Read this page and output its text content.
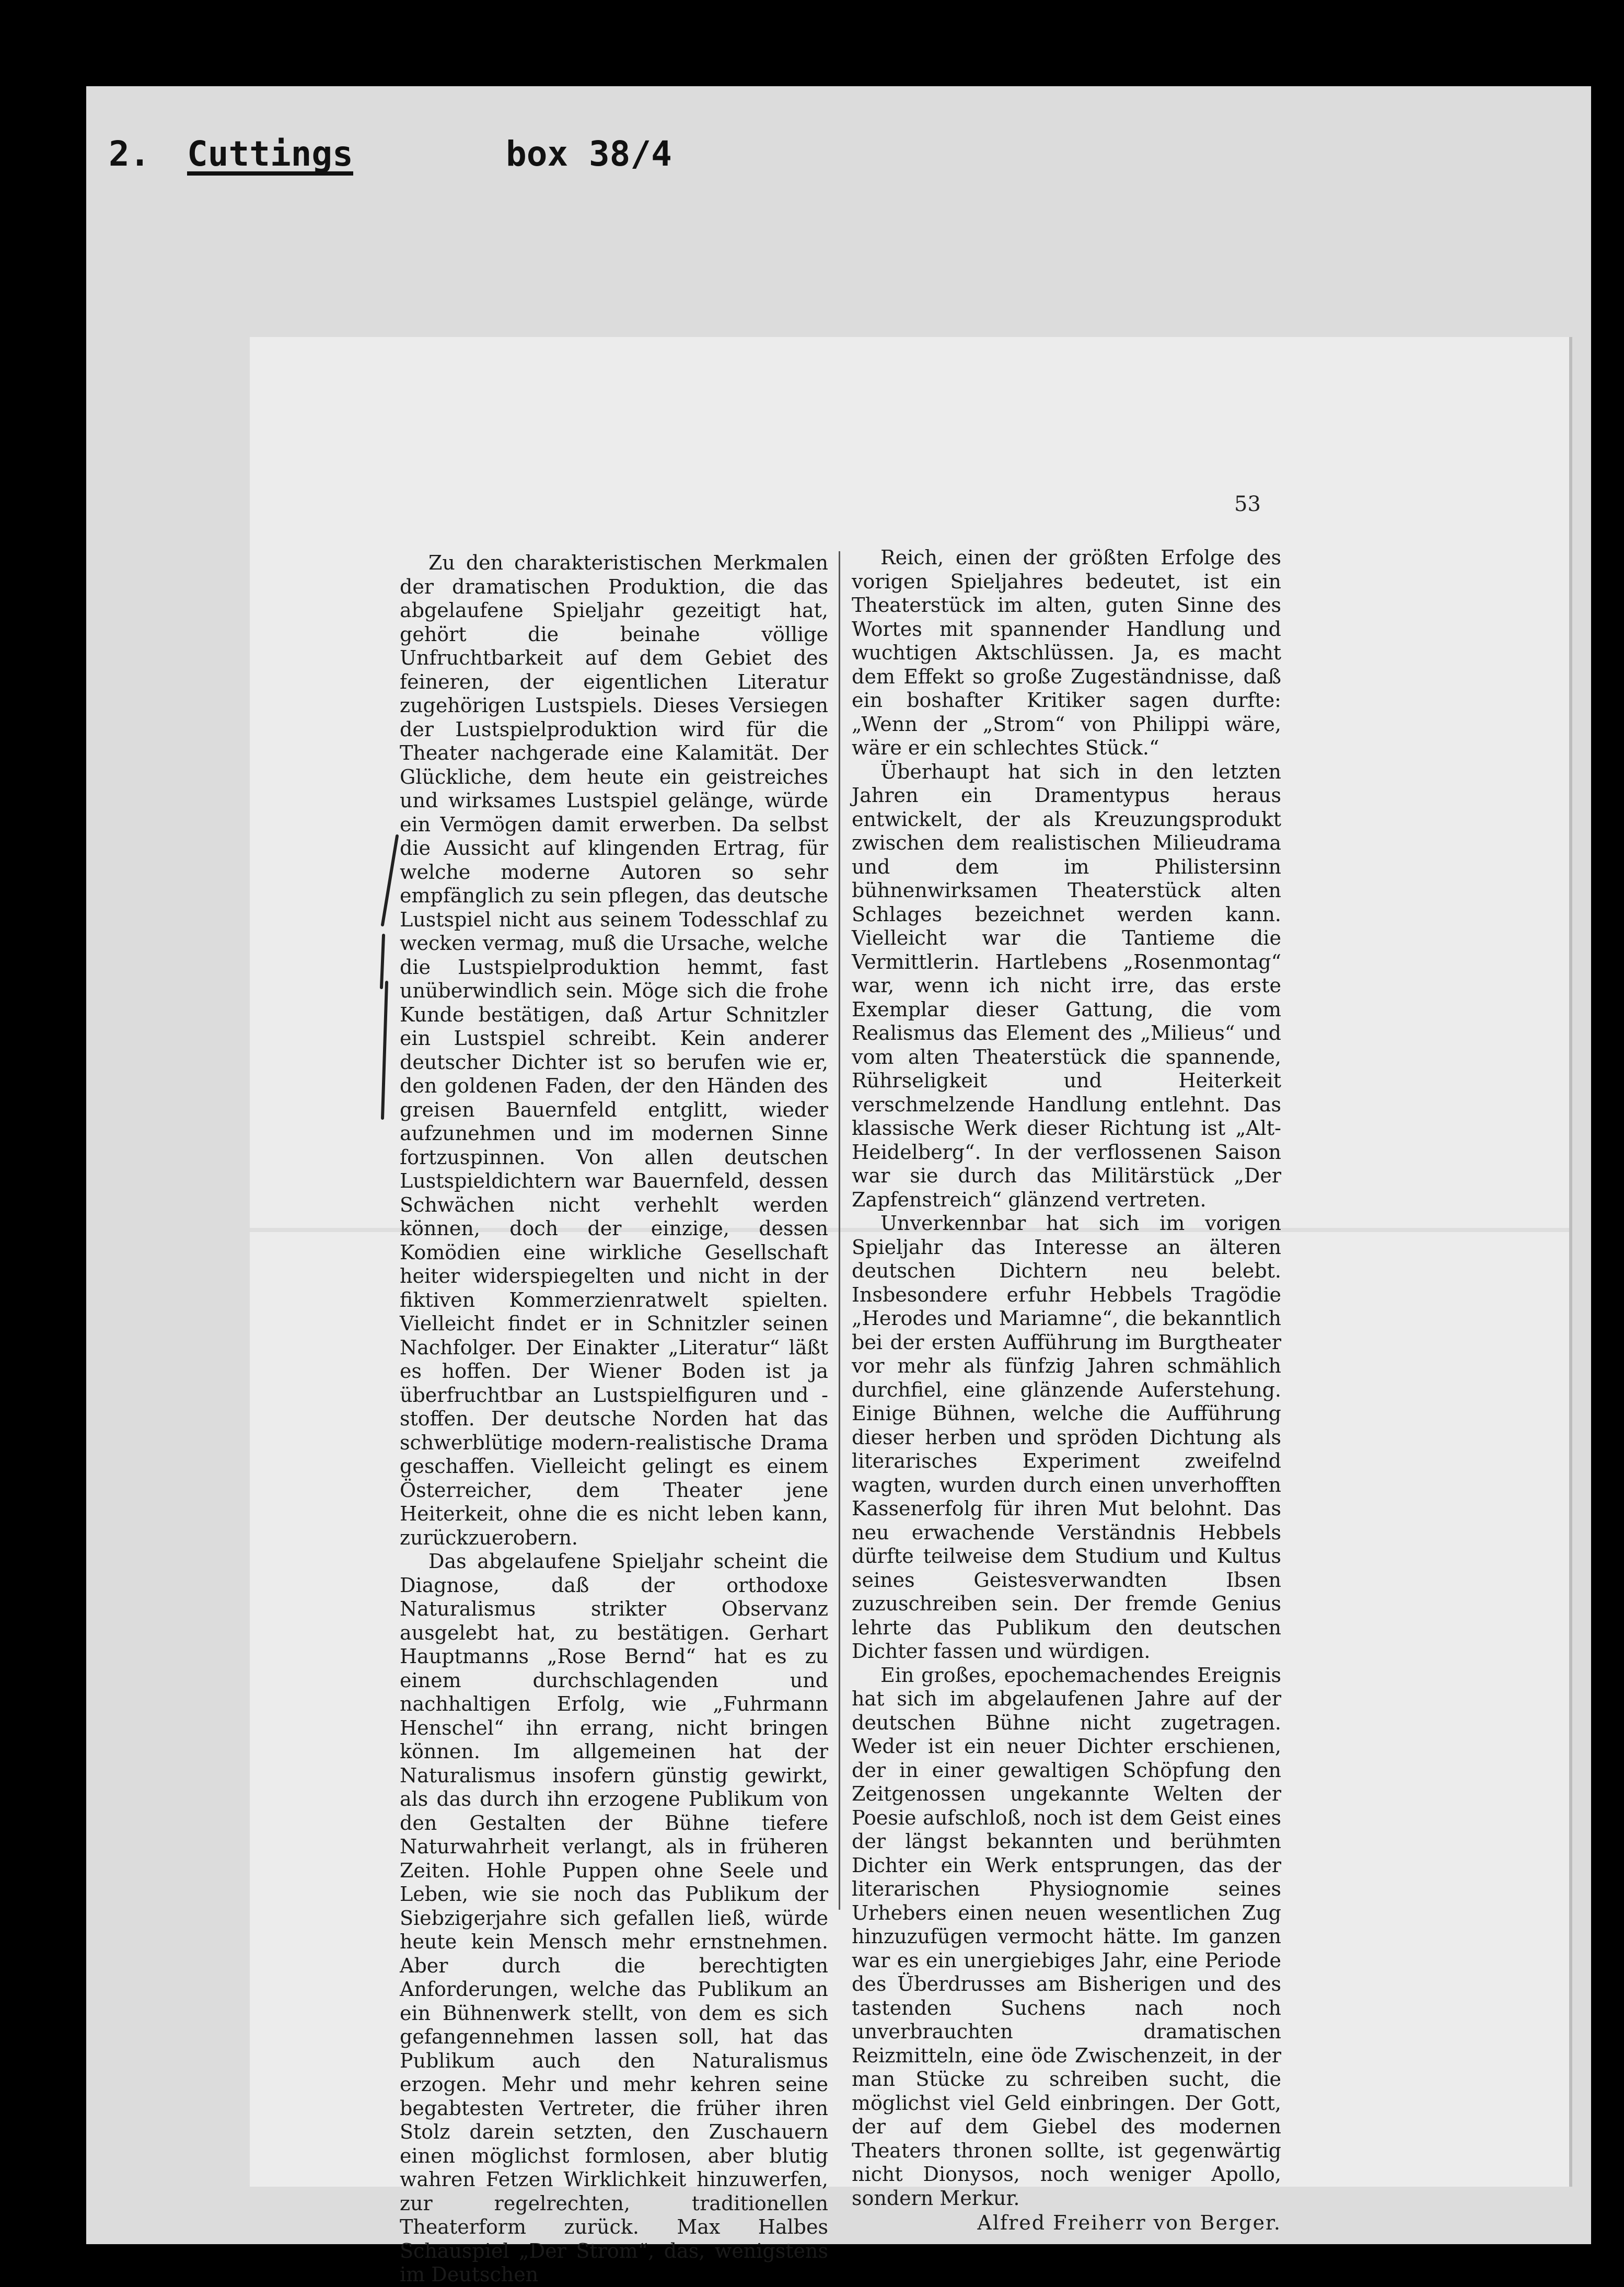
2.

Cuttings

	box 38/4

53

Zu den charakteristischen Merkmalen der dramatischen Produktion, die das abgelaufene Spieljahr gezeitigt hat, gehört die beinahe völlige Unfruchtbarkeit auf dem Gebiet des feineren, der eigentlichen Literatur zugehörigen Lustspiels. Dieses Versiegen der Lustspielproduktion wird für die Theater nachgerade eine Kalamität. Der Glückliche, dem heute ein geistreiches und wirksames Lustspiel gelänge, würde ein Vermögen damit erwerben. Da selbst die Aussicht auf klingenden Ertrag, für welche moderne Autoren so sehr empfänglich zu sein pflegen, das deutsche Lustspiel nicht aus seinem Todesschlaf zu wecken vermag, muß die Ursache, welche die Lustspielproduktion hemmt, fast unüberwindlich sein. Möge sich die frohe Kunde bestätigen, daß Artur Schnitzler ein Lustspiel schreibt. Kein anderer deutscher Dichter ist so berufen wie er, den goldenen Faden, der den Händen des greisen Bauernfeld entglitt, wieder aufzunehmen und im modernen Sinne fortzuspinnen. Von allen deutschen Lustspieldichtern war Bauernfeld, dessen Schwächen nicht verhehlt werden können, doch der einzige, dessen Komödien eine wirkliche Gesellschaft heiter widerspiegelten und nicht in der fiktiven Kommerzienratwelt spielten. Vielleicht findet er in Schnitzler seinen Nachfolger. Der Einakter „Literatur“ läßt es hoffen. Der Wiener Boden ist ja überfruchtbar an Lustspielfiguren und -stoffen. Der deutsche Norden hat das schwerblütige modern-realistische Drama geschaffen. Vielleicht gelingt es einem Österreicher, dem Theater jene Heiterkeit, ohne die es nicht leben kann, zurückzuerobern.

Das abgelaufene Spieljahr scheint die Diagnose, daß der orthodoxe Naturalismus strikter Observanz ausgelebt hat, zu bestätigen. Gerhart Hauptmanns „Rose Bernd“ hat es zu einem durchschlagenden und nachhaltigen Erfolg, wie „Fuhrmann Henschel“ ihn errang, nicht bringen können. Im allgemeinen hat der Naturalismus insofern günstig gewirkt, als das durch ihn erzogene Publikum von den Gestalten der Bühne tiefere Naturwahrheit verlangt, als in früheren Zeiten. Hohle Puppen ohne Seele und Leben, wie sie noch das Publikum der Siebzigerjahre sich gefallen ließ, würde heute kein Mensch mehr ernstnehmen. Aber durch die berechtigten Anforderungen, welche das Publikum an ein Bühnenwerk stellt, von dem es sich gefangennehmen lassen soll, hat das Publikum auch den Naturalismus erzogen. Mehr und mehr kehren seine begabtesten Vertreter, die früher ihren Stolz darein setzten, den Zuschauern einen möglichst formlosen, aber blutig wahren Fetzen Wirklichkeit hinzuwerfen, zur regelrechten, traditionellen Theaterform zurück. Max Halbes Schauspiel „Der Strom“, das, wenigstens im Deutschen

Reich, einen der größten Erfolge des vorigen Spieljahres bedeutet, ist ein Theaterstück im alten, guten Sinne des Wortes mit spannender Handlung und wuchtigen Aktschlüssen. Ja, es macht dem Effekt so große Zugeständnisse, daß ein boshafter Kritiker sagen durfte: „Wenn der „Strom“ von Philippi wäre, wäre er ein schlechtes Stück.“

Überhaupt hat sich in den letzten Jahren ein Dramentypus heraus entwickelt, der als Kreuzungsprodukt zwischen dem realistischen Milieudrama und dem im Philistersinn bühnenwirksamen Theaterstück alten Schlages bezeichnet werden kann. Vielleicht war die Tantieme die Vermittlerin. Hartlebens „Rosenmontag“ war, wenn ich nicht irre, das erste Exemplar dieser Gattung, die vom Realismus das Element des „Milieus“ und vom alten Theaterstück die spannende, Rührseligkeit und Heiterkeit verschmelzende Handlung entlehnt. Das klassische Werk dieser Richtung ist „Alt-Heidelberg“. In der verflossenen Saison war sie durch das Militärstück „Der Zapfenstreich“ glänzend vertreten.

Unverkennbar hat sich im vorigen Spieljahr das Interesse an älteren deutschen Dichtern neu belebt. Insbesondere erfuhr Hebbels Tragödie „Herodes und Mariamne“, die bekanntlich bei der ersten Aufführung im Burgtheater vor mehr als fünfzig Jahren schmählich durchfiel, eine glänzende Auferstehung. Einige Bühnen, welche die Aufführung dieser herben und spröden Dichtung als literarisches Experiment zweifelnd wagten, wurden durch einen unverhofften Kassenerfolg für ihren Mut belohnt. Das neu erwachende Verständnis Hebbels dürfte teilweise dem Studium und Kultus seines Geistesverwandten Ibsen zuzuschreiben sein. Der fremde Genius lehrte das Publikum den deutschen Dichter fassen und würdigen.

Ein großes, epochemachendes Ereignis hat sich im abgelaufenen Jahre auf der deutschen Bühne nicht zugetragen. Weder ist ein neuer Dichter erschienen, der in einer gewaltigen Schöpfung den Zeitgenossen ungekannte Welten der Poesie aufschloß, noch ist dem Geist eines der längst bekannten und berühmten Dichter ein Werk entsprungen, das der literarischen Physiognomie seines Urhebers einen neuen wesentlichen Zug hinzuzufügen vermocht hätte. Im ganzen war es ein unergiebiges Jahr, eine Periode des Überdrusses am Bisherigen und des tastenden Suchens nach noch unverbrauchten dramatischen Reizmitteln, eine öde Zwischenzeit, in der man Stücke zu schreiben sucht, die möglichst viel Geld einbringen. Der Gott, der auf dem Giebel des modernen Theaters thronen sollte, ist gegenwärtig nicht Dionysos, noch weniger Apollo, sondern Merkur.

Alfred Freiherr von Berger.
